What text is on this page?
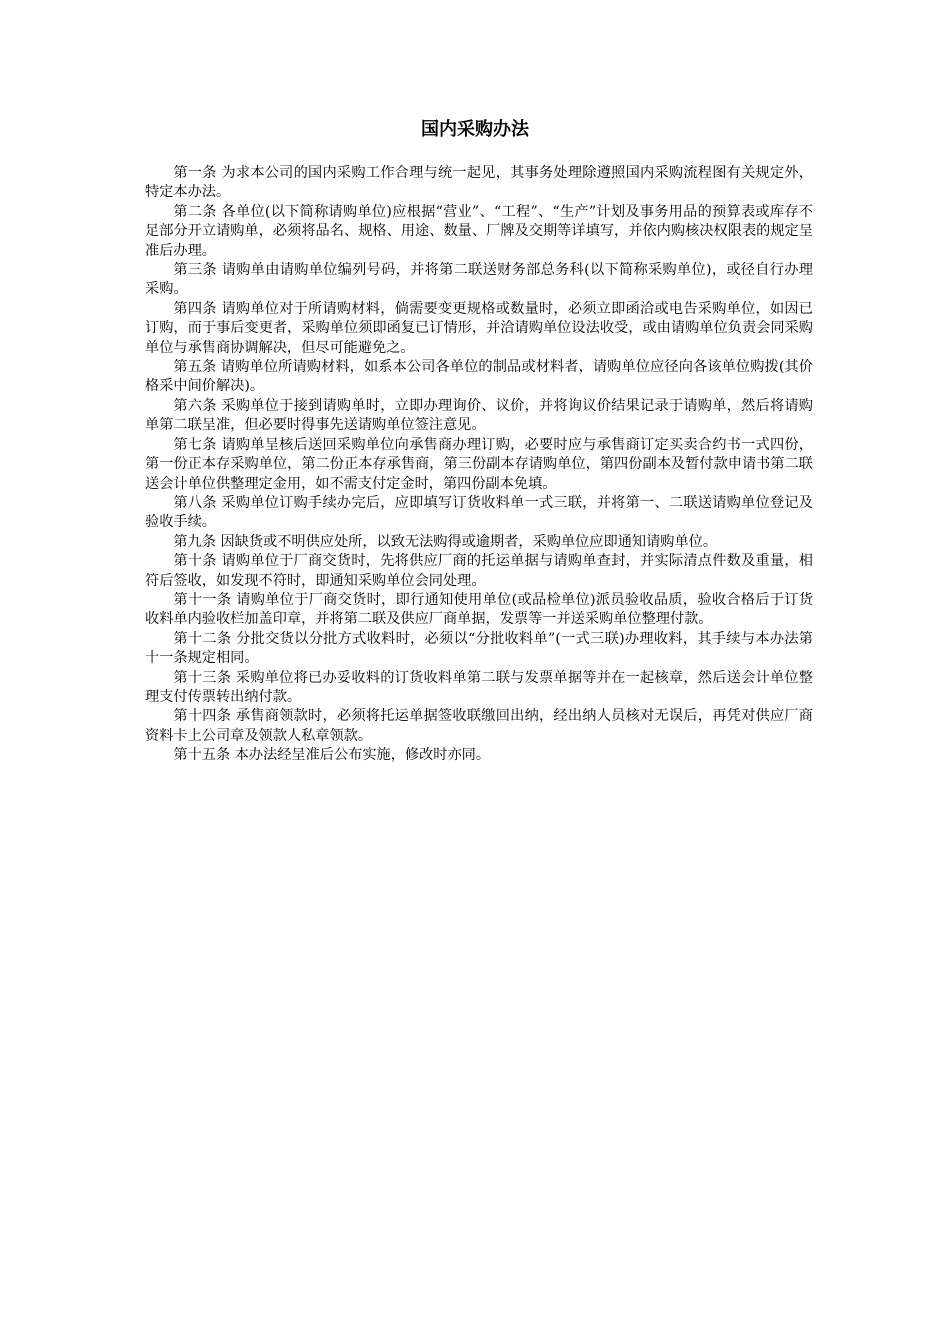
国内采购办法

第一条 为求本公司的国内采购工作合理与统一起见，其事务处理除遵照国内采购流程图有关规定外，特定本办法。

第二条 各单位(以下简称请购单位)应根据“营业”、“工程”、“生产”计划及事务用品的预算表或库存不足部分开立请购单，必须将品名、规格、用途、数量、厂牌及交期等详填写，并依内购核决权限表的规定呈准后办理。

第三条 请购单由请购单位编列号码，并将第二联送财务部总务科(以下简称采购单位)，或径自行办理采购。

第四条 请购单位对于所请购材料，倘需要变更规格或数量时，必须立即函洽或电告采购单位，如因已订购，而于事后变更者，采购单位须即函复已订情形，并洽请购单位设法收受，或由请购单位负责会同采购单位与承售商协调解决，但尽可能避免之。

第五条 请购单位所请购材料，如系本公司各单位的制品或材料者，请购单位应径向各该单位购拨(其价格采中间价解决)。

第六条 采购单位于接到请购单时，立即办理询价、议价，并将询议价结果记录于请购单，然后将请购单第二联呈准，但必要时得事先送请购单位签注意见。

第七条 请购单呈核后送回采购单位向承售商办理订购，必要时应与承售商订定买卖合约书一式四份，第一份正本存采购单位，第二份正本存承售商，第三份副本存请购单位，第四份副本及暂付款申请书第二联送会计单位供整理定金用，如不需支付定金时，第四份副本免填。

第八条 采购单位订购手续办完后，应即填写订货收料单一式三联，并将第一、二联送请购单位登记及验收手续。

第九条 因缺货或不明供应处所，以致无法购得或逾期者，采购单位应即通知请购单位。

第十条 请购单位于厂商交货时，先将供应厂商的托运单据与请购单查封，并实际清点件数及重量，相符后签收，如发现不符时，即通知采购单位会同处理。

第十一条 请购单位于厂商交货时，即行通知使用单位(或品检单位)派员验收品质，验收合格后于订货收料单内验收栏加盖印章，并将第二联及供应厂商单据，发票等一并送采购单位整理付款。

第十二条 分批交货以分批方式收料时，必须以“分批收料单”(一式三联)办理收料，其手续与本办法第十一条规定相同。

第十三条 采购单位将已办妥收料的订货收料单第二联与发票单据等并在一起核章，然后送会计单位整理支付传票转出纳付款。

第十四条 承售商领款时，必须将托运单据签收联缴回出纳，经出纳人员核对无误后，再凭对供应厂商资料卡上公司章及领款人私章领款。

第十五条 本办法经呈准后公布实施，修改时亦同。
